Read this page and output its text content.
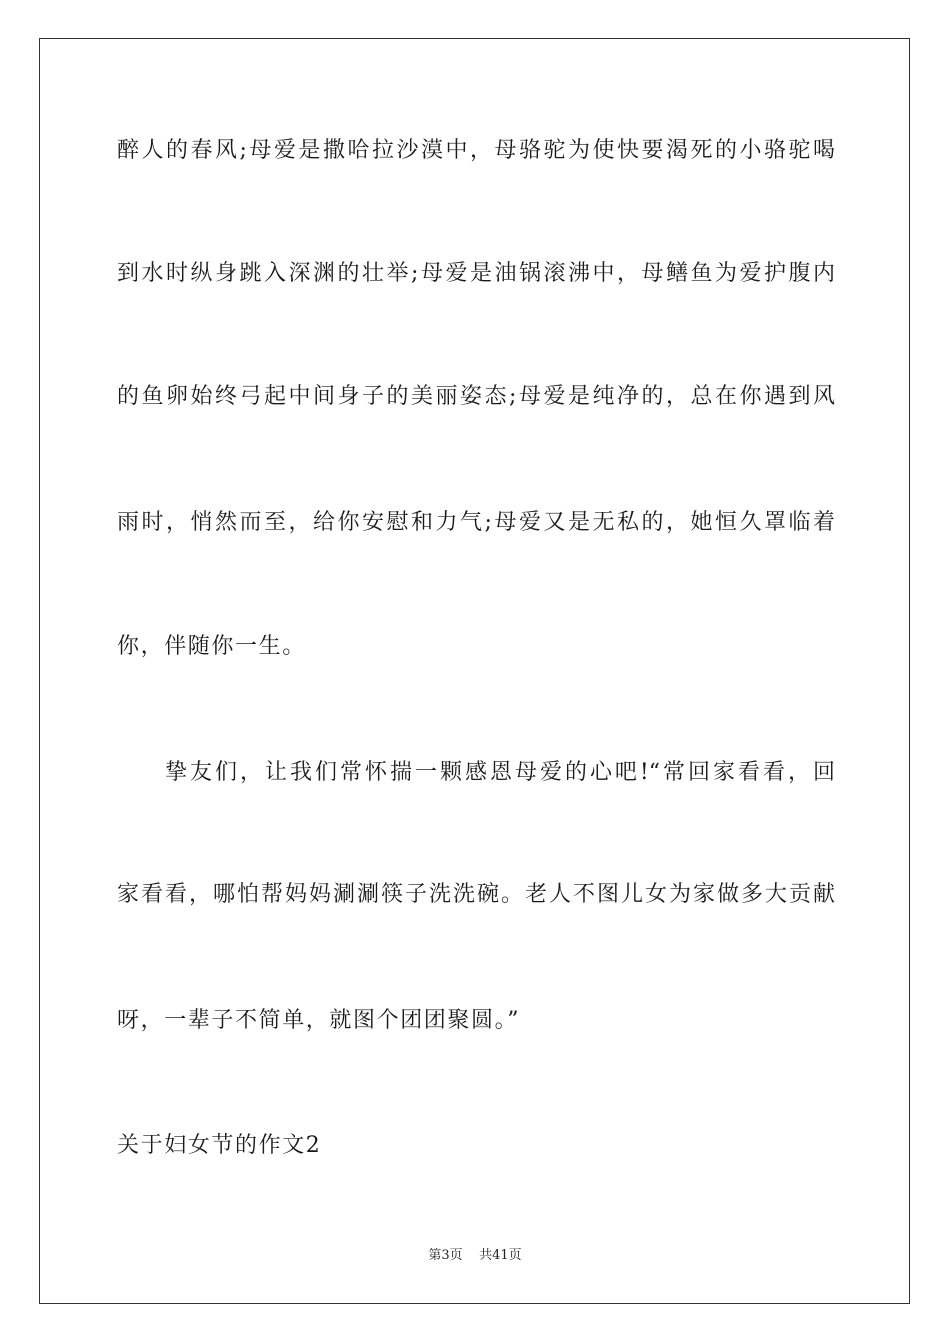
醉人的春风;母爱是撒哈拉沙漠中，母骆驼为使快要渴死的小骆驼喝
到水时纵身跳入深渊的壮举;母爱是油锅滚沸中，母鳝鱼为爱护腹内
的鱼卵始终弓起中间身子的美丽姿态;母爱是纯净的，总在你遇到风
雨时，悄然而至，给你安慰和力气;母爱又是无私的，她恒久罩临着
你，伴随你一生。
挚友们，让我们常怀揣一颗感恩母爱的心吧!“常回家看看，回
家看看，哪怕帮妈妈涮涮筷子洗洗碗。老人不图儿女为家做多大贡献
呀，一辈子不简单，就图个团团聚圆。”
关于妇女节的作文2
第3页 共41页
